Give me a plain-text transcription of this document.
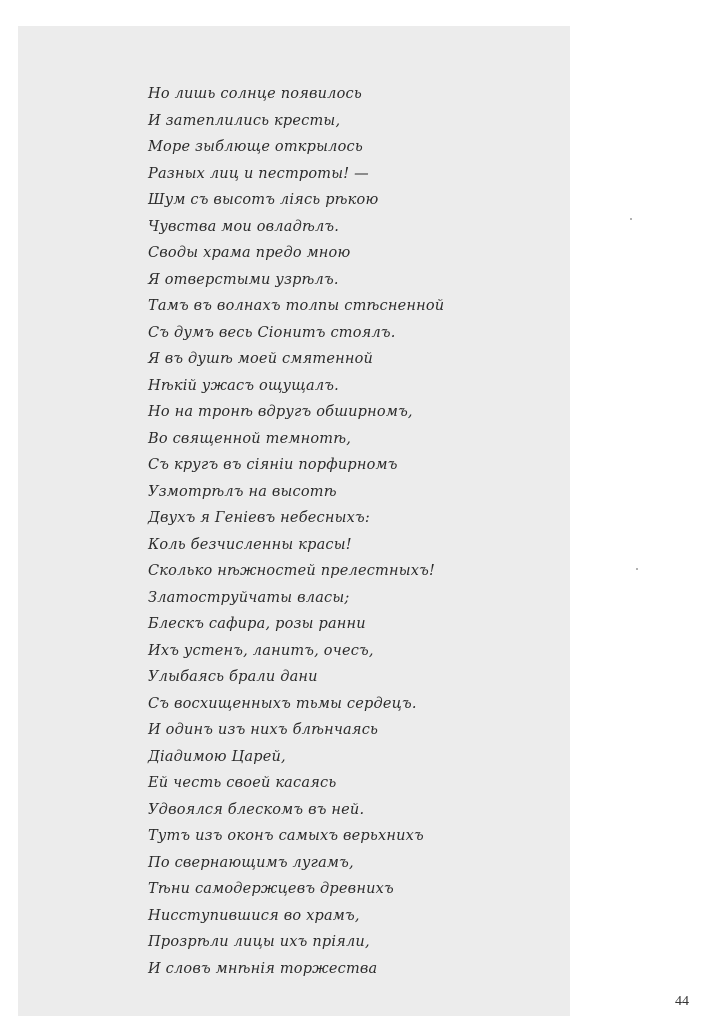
Но лишь солнце появилось
И затеплились кресты,
Море зыблюще открылось
Разных лиц и пестроты! —
Шум съ высотъ лiясь рѣкою
Чувства мои овладѣлъ.
Своды храма предо мною
Я отверстыми узрѣлъ.
Тамъ въ волнахъ толпы стѣсненной
Съ думъ весь Сiонитъ стоялъ.
Я въ душѣ моей смятенной
Нѣкiй ужасъ ощущалъ.
Но на тронѣ вдругъ обширномъ,
Во священной темнотѣ,
Съ кругъ въ сiянiи порфирномъ
Узмотрѣлъ на высотѣ
Двухъ я Генiевъ небесныхъ:
Коль безчисленны красы!
Сколько нѣжностей прелестныхъ!
Златоструйчаты власы;
Блескъ сафира, розы ранни
Ихъ устенъ, ланитъ, очесъ,
Улыбаясь брали дани
Съ восхищенныхъ тьмы сердецъ.
И одинъ изъ нихъ блѣнчаясь
Дiадимою Царей,
Ей честь своей касаясь
Удвоялся блескомъ въ ней.
Тутъ изъ оконъ самыхъ верьхнихъ
По свернающимъ лугамъ,
Тѣни самодержцевъ древнихъ
Нисступившися во храмъ,
Прозрѣли лицы ихъ прiяли,
И словъ мнѣнiя торжества
44
